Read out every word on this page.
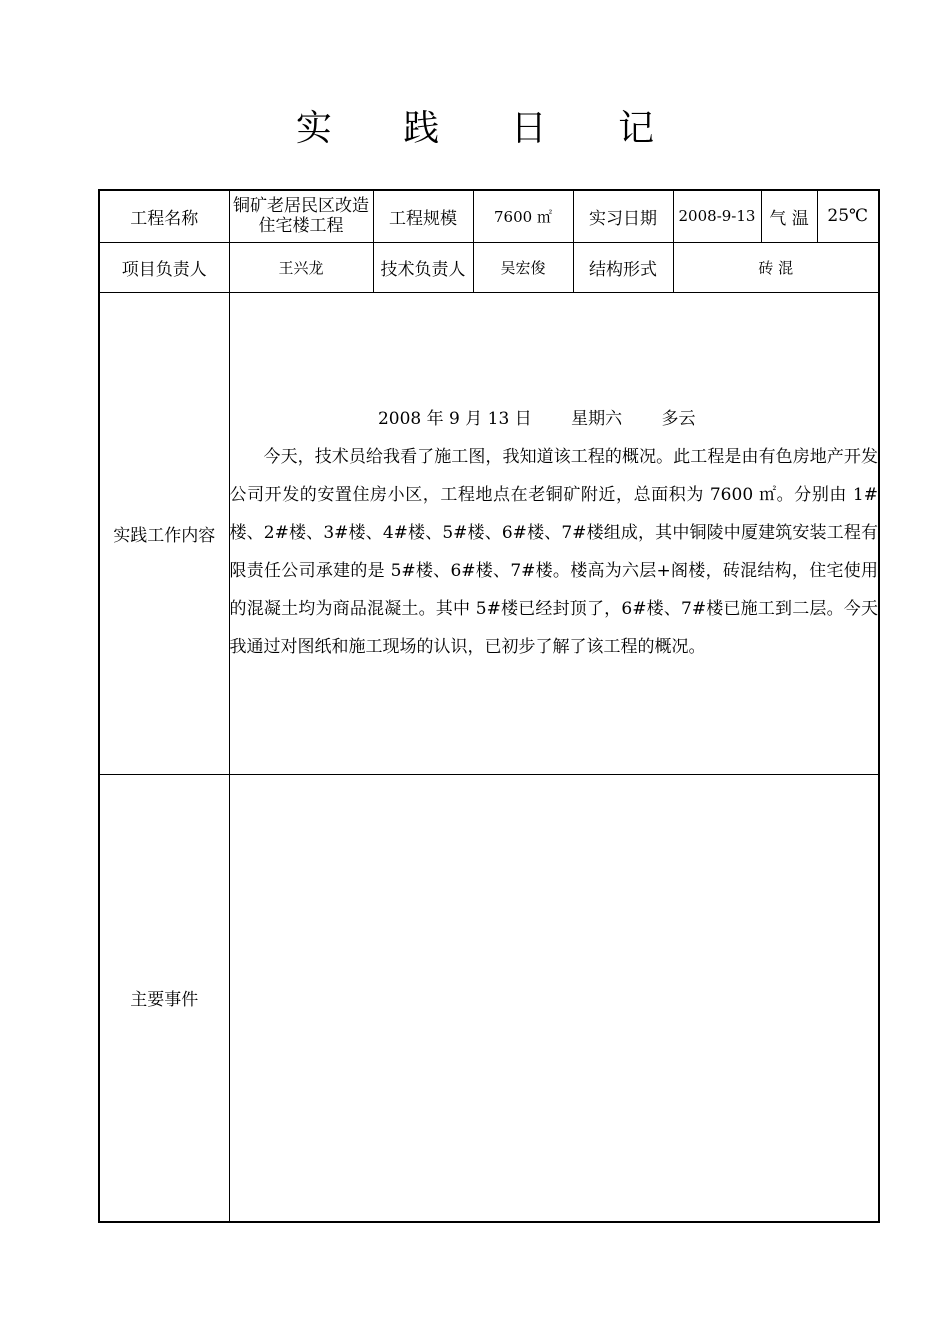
实 践 日 记
工程名称	铜矿老居民区改造住宅楼工程	工程规模	7600 ㎡	实习日期	2008-9-13	气 温	25℃
项目负责人	王兴龙	技术负责人	吴宏俊	结构形式	砖 混		
实践工作内容	2008 年 9 月 13 日 星期六 多云

今天，技术员给我看了施工图，我知道该工程的概况。此工程是由有色房地产开发公司开发的安置住房小区，工程地点在老铜矿附近，总面积为 7600 ㎡。分别由 1#楼、2#楼、3#楼、4#楼、5#楼、6#楼、7#楼组成，其中铜陵中厦建筑安装工程有限责任公司承建的是 5#楼、6#楼、7#楼。楼高为六层+阁楼，砖混结构，住宅使用的混凝土均为商品混凝土。其中 5#楼已经封顶了，6#楼、7#楼已施工到二层。今天我通过对图纸和施工现场的认识，已初步了解了该工程的概况。						

主要事件							
